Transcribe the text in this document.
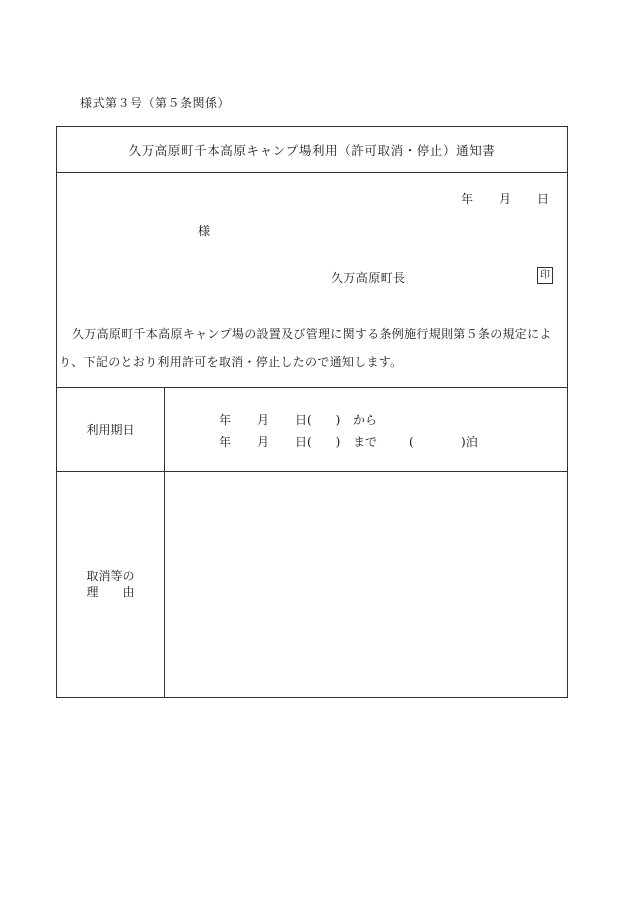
様式第３号（第５条関係）
久万高原町千本高原キャンプ場利用（許可取消・停止）通知書
年 月 日
様
久万高原町長	印

久万高原町千本高原キャンプ場の設置及び管理に関する条例施行規則第５条の規定により、下記のとおり利用許可を取消・停止したので通知します。

利用期日
年	月	日(　　)	から
年	月	日(　　)	まで	(	　　) 泊
取消等の
理 由
